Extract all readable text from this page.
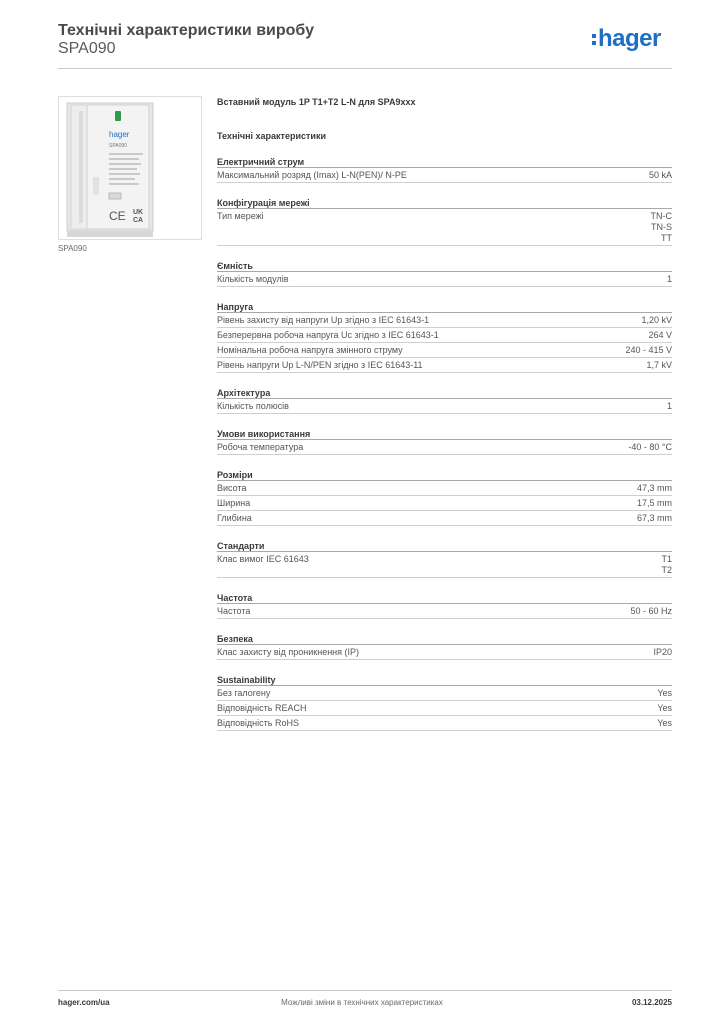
Технічні характеристики виробу
SPA090	hager
hager
SPA090
CE UK
CA
SPA090
Вставний модуль 1P T1+T2 L-N для SPA9xxx
Технічні характеристики
Електричний струм
Максимальний розряд (Imax) L-N(PEN)/ N-PE	50 kA
Конфігурація мережі
Тип мережі	TN-C
TN-S
TT
Ємність
Кількість модулів	1
Напруга
Рівень захисту від напруги Up згідно з IEC 61643-1	1,20 kV
Безперервна робоча напруга Uc згідно з IEC 61643-1	264 V
Номінальна робоча напруга змінного струму	240 - 415 V
Рівень напруги Up L-N/PEN згідно з IEC 61643-11	1,7 kV
Архітектура
Кількість полюсів	1
Умови використання
Робоча температура	-40 - 80 °C
Розміри
Висота	47,3 mm
Ширина	17,5 mm
Глибина	67,3 mm
Стандарти
Клас вимог IEC 61643	T1
T2
Частота
Частота	50 - 60 Hz
Безпека
Клас захисту від проникнення (IP)	IP20
Sustainability
Без галогену	Yes
Відповідність REACH	Yes
Відповідність RoHS	Yes
hager.com/ua	Можливі зміни в технічних характеристиках	03.12.2025
